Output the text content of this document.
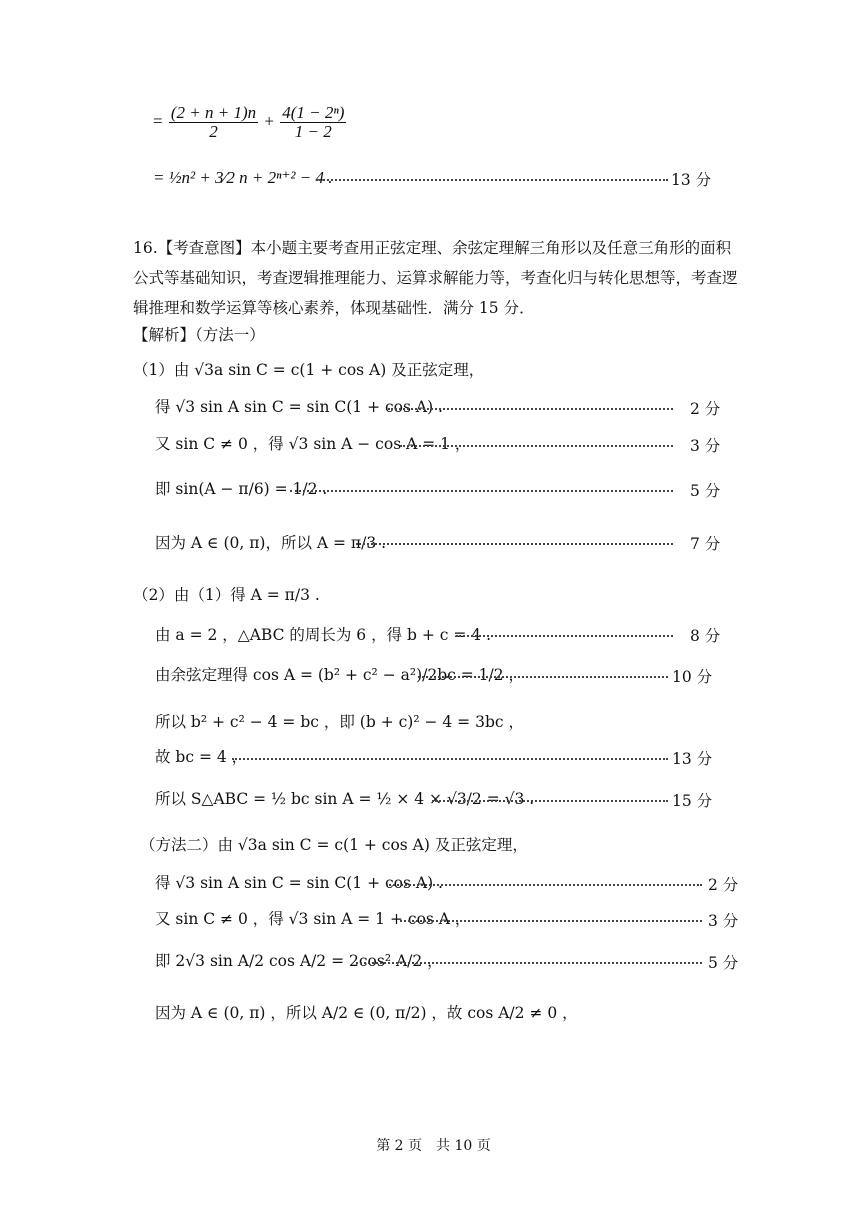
= $\frac{(2 + n + 1)n}{2} + \frac{\text{4(1 − 2ⁿ)}}{1 - 2}$
= ½n² + 3⁄2 n + 2ⁿ⁺² − 4 .	13 分
16.【考查意图】本小题主要考查用正弦定理、余弦定理解三角形以及任意三角形的面积公式等基础知识，考查逻辑推理能力、运算求解能力等，考查化归与转化思想等，考查逻辑推理和数学运算等核心素养，体现基础性．满分 15 分．
【解析】（方法一）
（1）由 √3a sin C = c(1 + cos A) 及正弦定理，
得 √3 sin A sin C = sin C(1 + cos A) .	2 分
又 sin C ≠ 0 ，得 √3 sin A − cos A = 1 ，	3 分
即 sin(A − π/6) = 1/2 .	5 分
因为 A ∈ (0, π)，所以 A = π/3 .	7 分
（2）由（1）得 A = π/3 .
由 a = 2 ，△ABC 的周长为 6 ，得 b + c = 4 .	8 分
由余弦定理得 cos A = (b² + c² − a²)/2bc = 1/2 ，	10 分
所以 b² + c² − 4 = bc ，即 (b + c)² − 4 = 3bc ，
故 bc = 4 ，	13 分
所以 S△ABC = ½ bc sin A = ½ × 4 × √3/2 = √3 .	15 分
（方法二）由 √3a sin C = c(1 + cos A) 及正弦定理，
得 √3 sin A sin C = sin C(1 + cos A) .	2 分
又 sin C ≠ 0 ，得 √3 sin A = 1 + cos A ，	3 分
即 2√3 sin A/2 cos A/2 = 2cos² A/2 ，	5 分
因为 A ∈ (0, π) ，所以 A/2 ∈ (0, π/2) ，故 cos A/2 ≠ 0 ，
第 2 页　共 10 页
